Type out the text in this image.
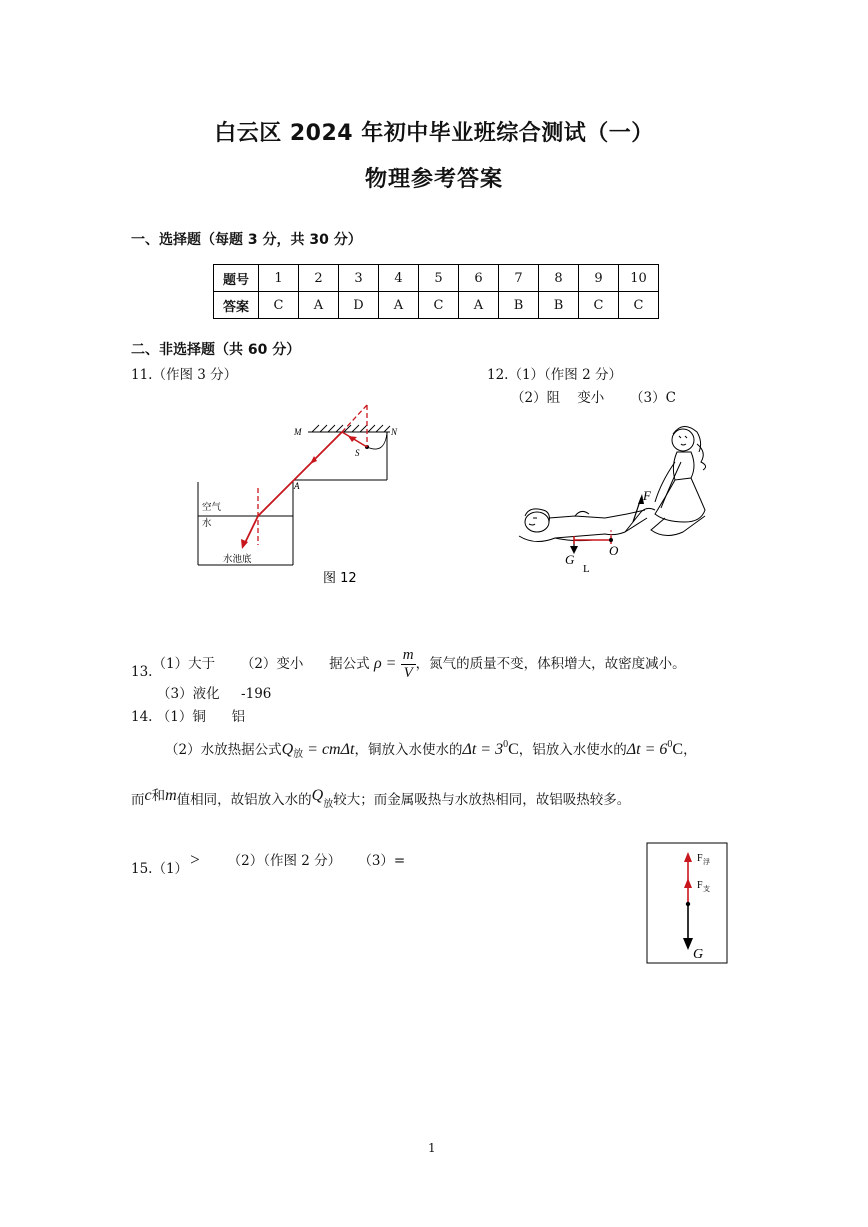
白云区 2024 年初中毕业班综合测试（一）
物理参考答案
一、选择题（每题 3 分，共 30 分）
题号	1	2	3	4	5	6	7	8	9	10
答案	C	A	D	A	C	A	B	B	C	C
二、非选择题（共 60 分）
11.（作图 3 分）
M	N
S
A
空气
水
水池底
图 12
12.（1）（作图 2 分）
（2）阻    变小      （3）C
F
G
O
L
13.（1）大于      （2）变小      据公式 $\rho = \frac{m}{V}$ ，氮气的质量不变，体积增大，故密度减小。
（3）液化     -196
14. （1）铜      铝
（2）水放热据公式$Q_放 = cm\Delta t$，铜放入水使水的$\Delta t = 3^0C$，铝放入水使水的$\Delta t = 6^0C$，
而c和m值相同，故铝放入水的$Q_放$较大；而金属吸热与水放热相同，故铝吸热较多。
15.（1） > （2）（作图 2 分）    （3）=	F 浮
F 支
G
1
